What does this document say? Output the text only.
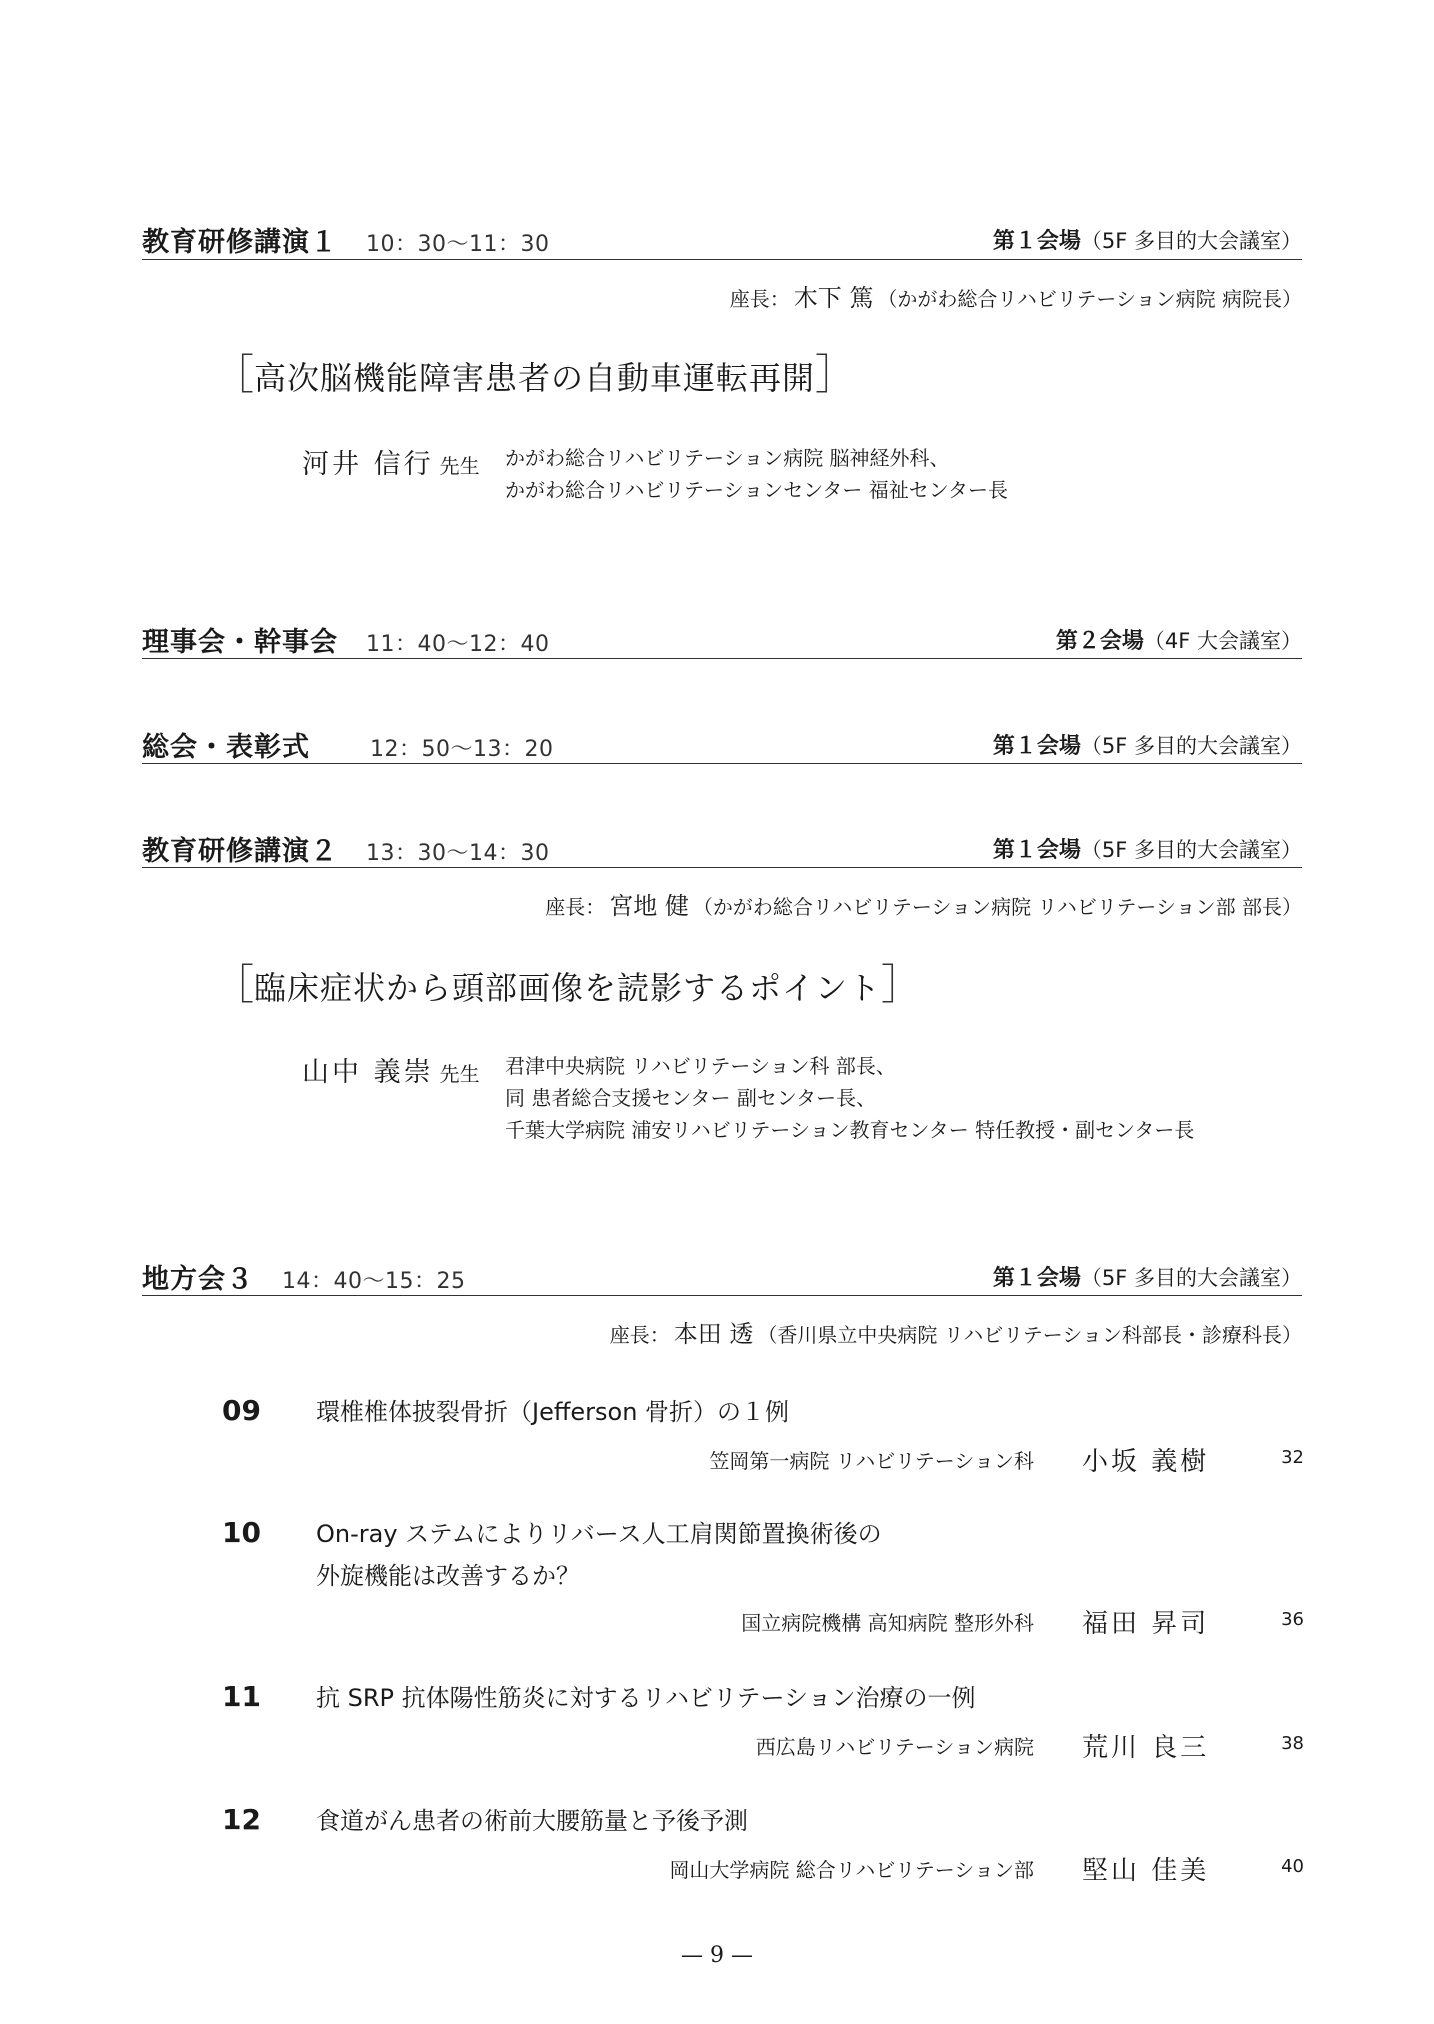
教育研修講演１ 10：30～11：30	第１会場（5F 多目的大会議室）
座長： 木下 篤 （かがわ総合リハビリテーション病院 病院長）
［高次脳機能障害患者の自動車運転再開］
河井 信行 先生 かがわ総合リハビリテーション病院 脳神経外科、
かがわ総合リハビリテーションセンター 福祉センター長
理事会・幹事会 11：40～12：40	第２会場（4F 大会議室）
総会・表彰式	12：50～13：20	第１会場（5F 多目的大会議室）
教育研修講演２ 13：30～14：30	第１会場（5F 多目的大会議室）
座長： 宮地 健 （かがわ総合リハビリテーション病院 リハビリテーション部 部長）
［臨床症状から頭部画像を読影するポイント］
山中 義崇 先生 君津中央病院 リハビリテーション科 部長、
同 患者総合支援センター 副センター長、
千葉大学病院 浦安リハビリテーション教育センター 特任教授・副センター長
地方会３ 14：40～15：25	第１会場（5F 多目的大会議室）
座長： 本田 透 （香川県立中央病院 リハビリテーション科部長・診療科長）
09 環椎椎体披裂骨折（Jefferson 骨折）の１例
笠岡第一病院 リハビリテーション科 小坂 義樹	32
10 On-ray ステムによりリバース人工肩関節置換術後の
外旋機能は改善するか？
国立病院機構 高知病院 整形外科 福田 昇司	36
11 抗 SRP 抗体陽性筋炎に対するリハビリテーション治療の一例
西広島リハビリテーション病院 荒川 良三	38
12 食道がん患者の術前大腰筋量と予後予測
岡山大学病院 総合リハビリテーション部 堅山 佳美	40
— 9 —
